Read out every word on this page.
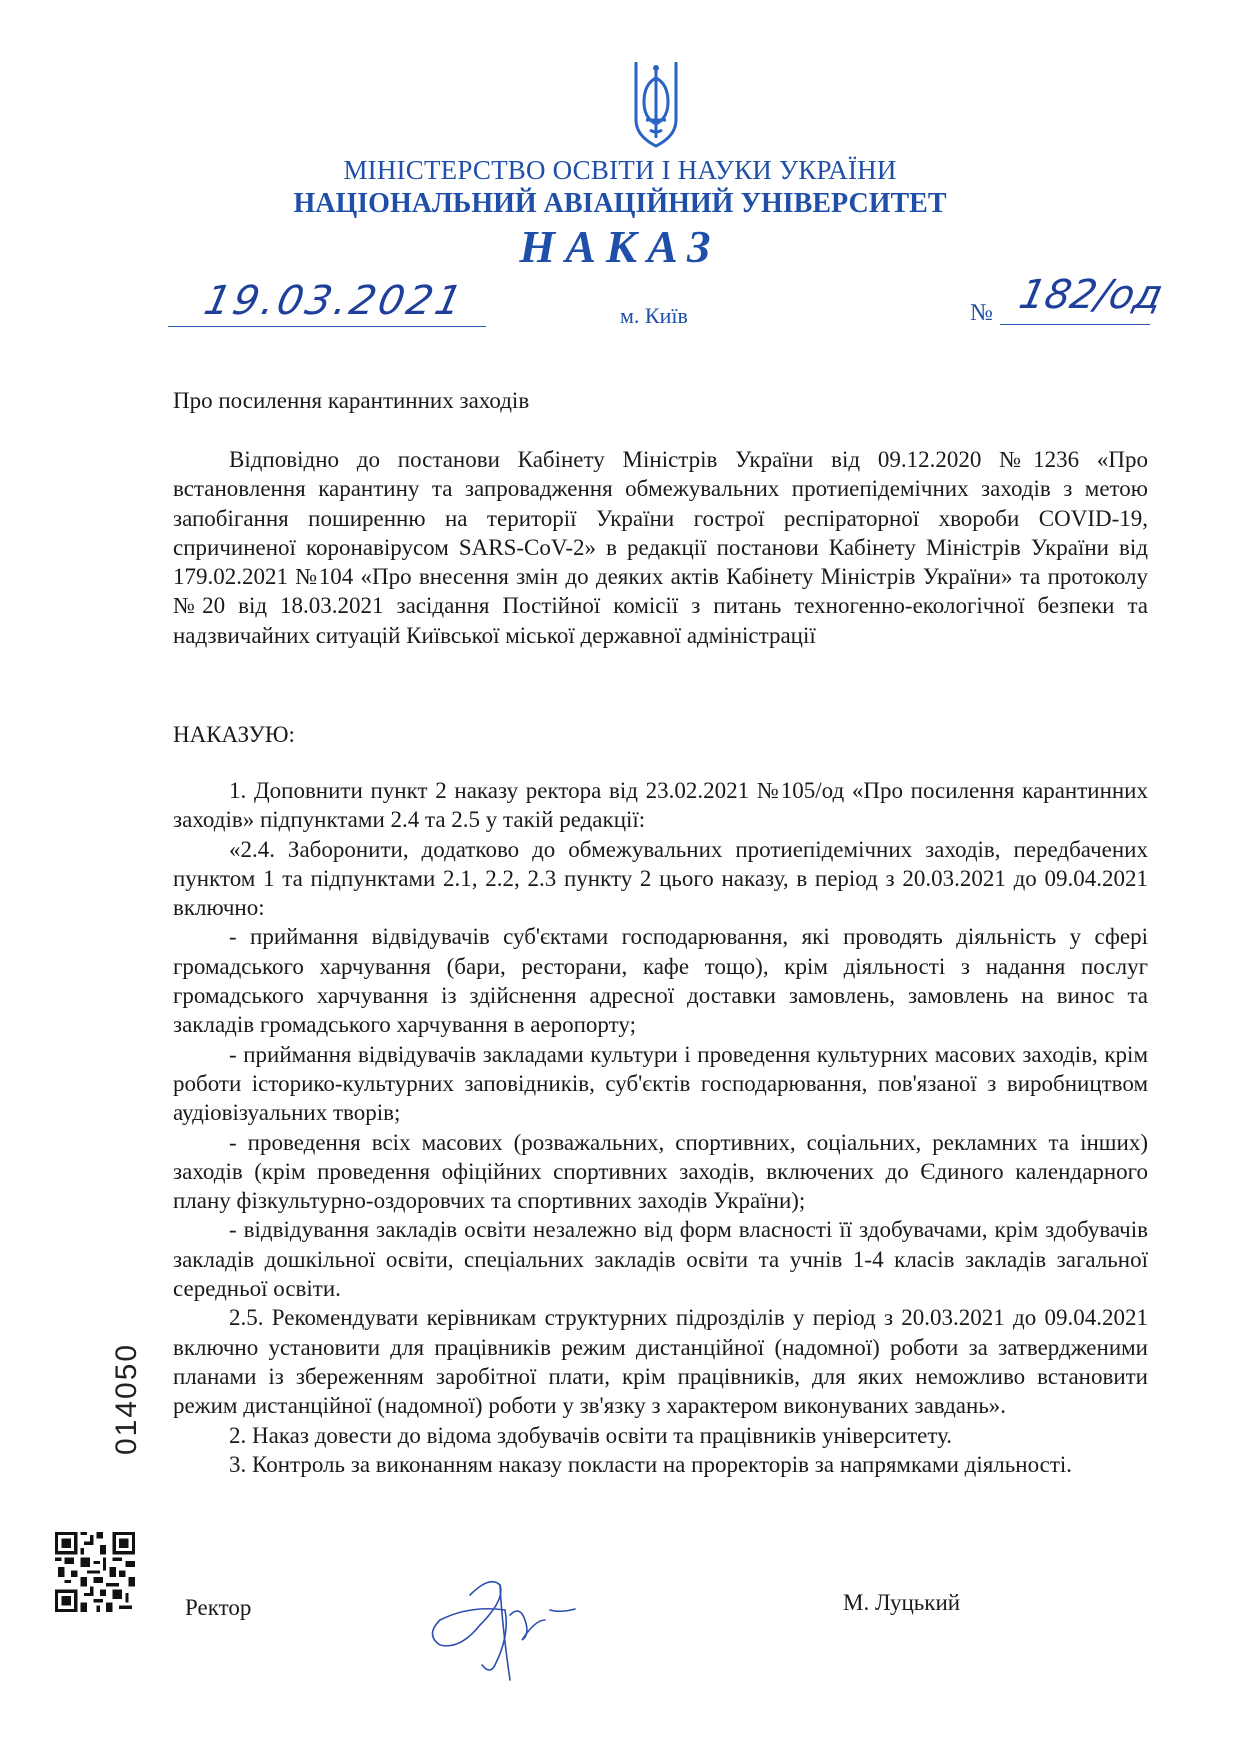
МІНІСТЕРСТВО ОСВІТИ І НАУКИ УКРАЇНИ
НАЦІОНАЛЬНИЙ АВІАЦІЙНИЙ УНІВЕРСИТЕТ
НАКАЗ
19.03.2021	м. Київ	№ 182/од
Про посилення карантинних заходів

Відповідно до постанови Кабінету Міністрів України від 09.12.2020 №1236 «Про встановлення карантину та запровадження обмежувальних протиепідемічних заходів з метою запобігання поширенню на території України гострої респіраторної хвороби COVID-19, спричиненої коронавірусом SARS-CoV-2» в редакції постанови Кабінету Міністрів України від 179.02.2021 №104 «Про внесення змін до деяких актів Кабінету Міністрів України» та протоколу №20 від 18.03.2021 засідання Постійної комісії з питань техногенно-екологічної безпеки та надзвичайних ситуацій Київської міської державної адміністрації

НАКАЗУЮ:

1. Доповнити пункт 2 наказу ректора від 23.02.2021 №105/од «Про посилення карантинних заходів» підпунктами 2.4 та 2.5 у такій редакції:

«2.4. Заборонити, додатково до обмежувальних протиепідемічних заходів, передбачених пунктом 1 та підпунктами 2.1, 2.2, 2.3 пункту 2 цього наказу, в період з 20.03.2021 до 09.04.2021 включно:

- приймання відвідувачів суб'єктами господарювання, які проводять діяльність у сфері громадського харчування (бари, ресторани, кафе тощо), крім діяльності з надання послуг громадського харчування із здійснення адресної доставки замовлень, замовлень на винос та закладів громадського харчування в аеропорту;

- приймання відвідувачів закладами культури і проведення культурних масових заходів, крім роботи історико-культурних заповідників, суб'єктів господарювання, пов'язаної з виробництвом аудіовізуальних творів;

- проведення всіх масових (розважальних, спортивних, соціальних, рекламних та інших) заходів (крім проведення офіційних спортивних заходів, включених до Єдиного календарного плану фізкультурно-оздоровчих та спортивних заходів України);

- відвідування закладів освіти незалежно від форм власності її здобувачами, крім здобувачів закладів дошкільної освіти, спеціальних закладів освіти та учнів 1-4 класів закладів загальної середньої освіти.

2.5. Рекомендувати керівникам структурних підрозділів у період з 20.03.2021 до 09.04.2021 включно установити для працівників режим дистанційної (надомної) роботи за затвердженими планами із збереженням заробітної плати, крім працівників, для яких неможливо встановити режим дистанційної (надомної) роботи у зв'язку з характером виконуваних завдань».

2. Наказ довести до відома здобувачів освіти та працівників університету.

3. Контроль за виконанням наказу покласти на проректорів за напрямками діяльності.

Ректор	М. Луцький
014050
